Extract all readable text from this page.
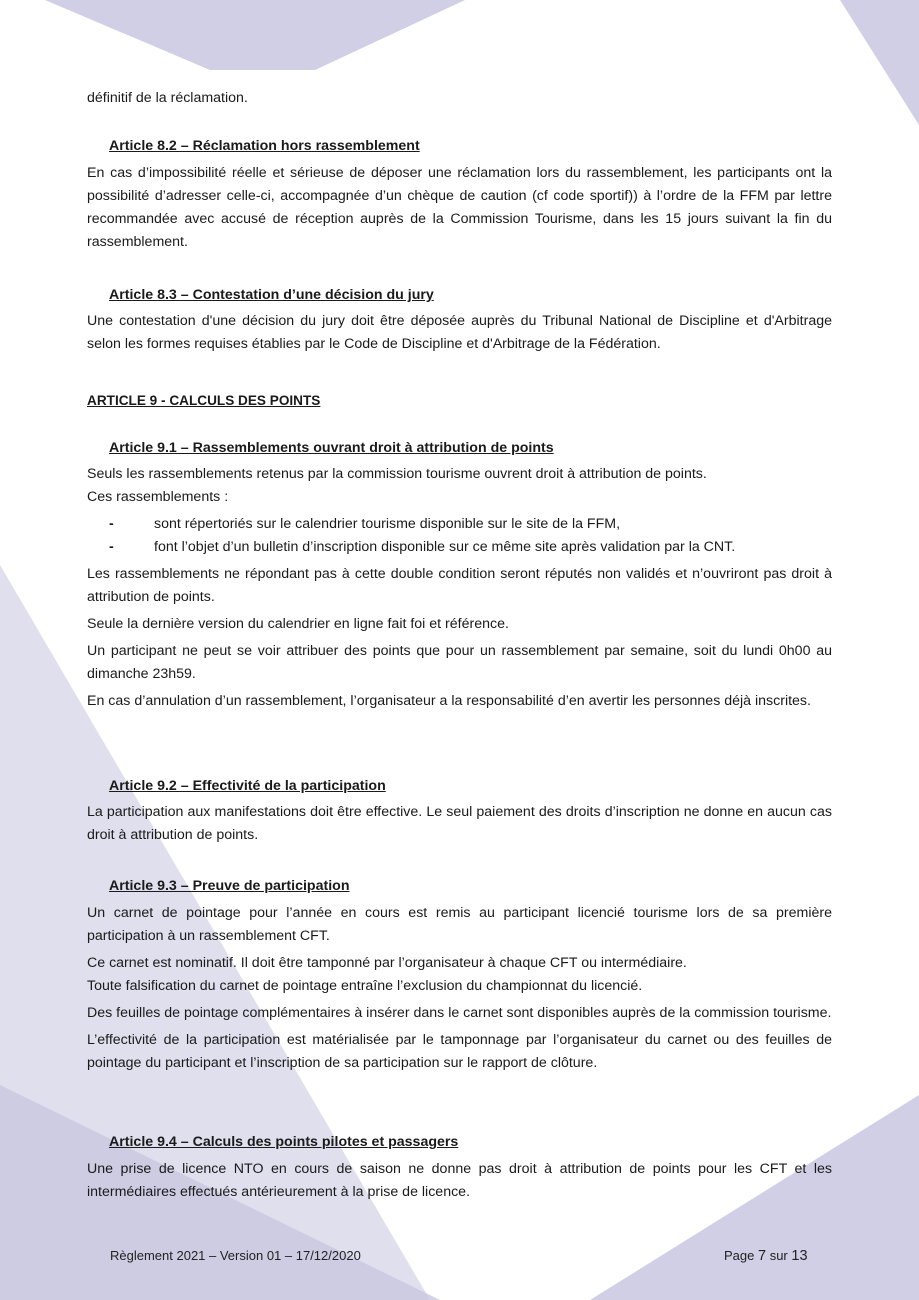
définitif de la réclamation.

Article 8.2 – Réclamation hors rassemblement

En cas d’impossibilité réelle et sérieuse de déposer une réclamation lors du rassemblement, les participants ont la possibilité d’adresser celle-ci, accompagnée d’un chèque de caution (cf code sportif)) à l’ordre de la FFM par lettre recommandée avec accusé de réception auprès de la Commission Tourisme, dans les 15 jours suivant la fin du rassemblement.

Article 8.3 – Contestation d’une décision du jury

Une contestation d'une décision du jury doit être déposée auprès du Tribunal National de Discipline et d'Arbitrage selon les formes requises établies par le Code de Discipline et d'Arbitrage de la Fédération.

ARTICLE 9 - CALCULS DES POINTS
Article 9.1 – Rassemblements ouvrant droit à attribution de points

Seuls les rassemblements retenus par la commission tourisme ouvrent droit à attribution de points.

Ces rassemblements :

-	sont répertoriés sur le calendrier tourisme disponible sur le site de la FFM,
-	font l’objet d’un bulletin d’inscription disponible sur ce même site après validation par la CNT.

Les rassemblements ne répondant pas à cette double condition seront réputés non validés et n’ouvriront pas droit à attribution de points.

Seule la dernière version du calendrier en ligne fait foi et référence.

Un participant ne peut se voir attribuer des points que pour un rassemblement par semaine, soit du lundi 0h00 au dimanche 23h59.

En cas d’annulation d’un rassemblement, l’organisateur a la responsabilité d’en avertir les personnes déjà inscrites.

Article 9.2 – Effectivité de la participation

La participation aux manifestations doit être effective. Le seul paiement des droits d’inscription ne donne en aucun cas droit à attribution de points.

Article 9.3 – Preuve de participation

Un carnet de pointage pour l’année en cours est remis au participant licencié tourisme lors de sa première participation à un rassemblement CFT.

Ce carnet est nominatif. Il doit être tamponné par l’organisateur à chaque CFT ou intermédiaire.

Toute falsification du carnet de pointage entraîne l’exclusion du championnat du licencié.

Des feuilles de pointage complémentaires à insérer dans le carnet sont disponibles auprès de la commission tourisme.

L’effectivité de la participation est matérialisée par le tamponnage par l’organisateur du carnet ou des feuilles de pointage du participant et l’inscription de sa participation sur le rapport de clôture.

Article 9.4 – Calculs des points pilotes et passagers

Une prise de licence NTO en cours de saison ne donne pas droit à attribution de points pour les CFT et les intermédiaires effectués antérieurement à la prise de licence.

Règlement 2021 – Version 01 – 17/12/2020	Page 7 sur 13
